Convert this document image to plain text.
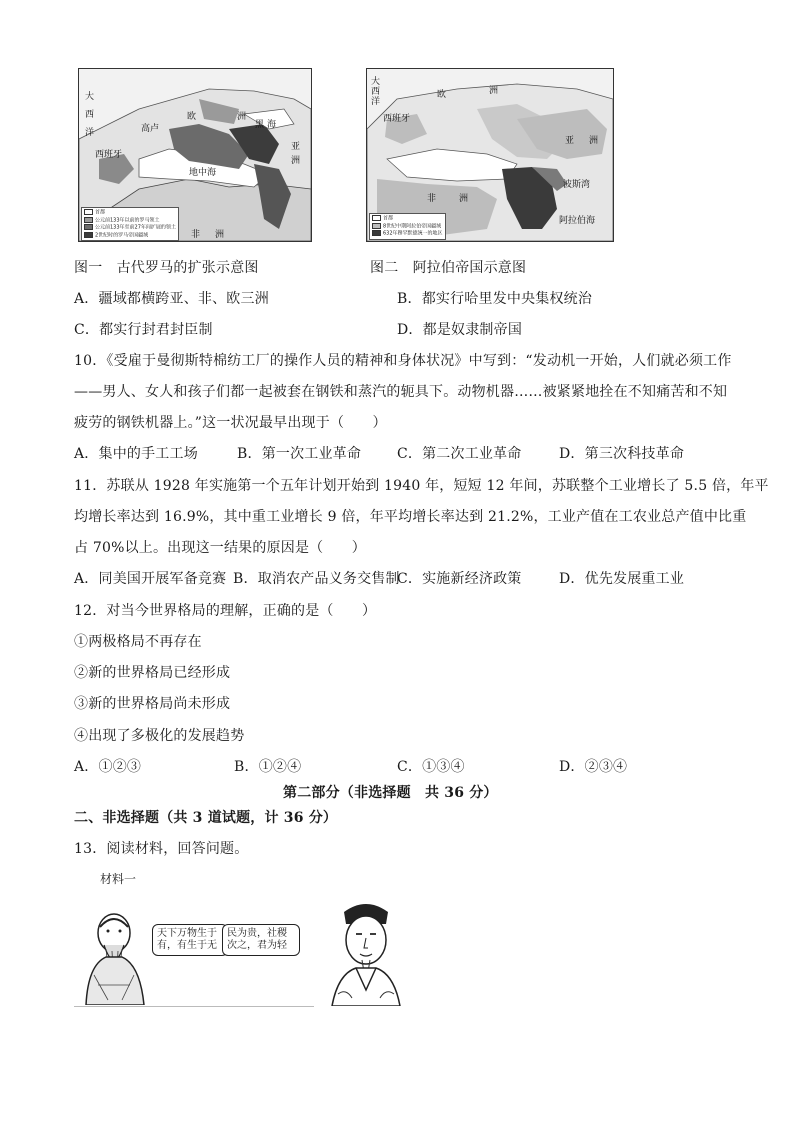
大
西
洋
欧	洲
西班牙
高卢	黑 海
非 洲
亚
洲
地中海
首都
公元前133年以前的罗马领土
公元前133年至前27年间扩展的领土
2世纪时的罗马帝国疆域
大西洋
欧	洲
西班牙
亚 洲
非	洲
阿拉伯海
波斯湾
首都
8世纪中期阿拉伯帝国疆域
632年穆罕默德统一的地区
图一　古代罗马的扩张示意图	图二　阿拉伯帝国示意图
A．疆域都横跨亚、非、欧三洲	B．都实行哈里发中央集权统治
C．都实行封君封臣制	D．都是奴隶制帝国
10．《受雇于曼彻斯特棉纺工厂的操作人员的精神和身体状况》中写到：“发动机一开始，人们就必须工作
——男人、女人和孩子们都一起被套在钢铁和蒸汽的轭具下。动物机器……被紧紧地拴在不知痛苦和不知
疲劳的钢铁机器上。”这一状况最早出现于（　　）
A．集中的手工工场	B．第一次工业革命	C．第二次工业革命	D．第三次科技革命
11．苏联从 1928 年实施第一个五年计划开始到 1940 年，短短 12 年间，苏联整个工业增长了 5.5 倍，年平
均增长率达到 16.9%，其中重工业增长 9 倍，年平均增长率达到 21.2%，工业产值在工农业总产值中比重
占 70%以上。出现这一结果的原因是（　　）
A．同美国开展军备竞赛 B．取消农产品义务交售制
C．实施新经济政策	D．优先发展重工业
12．对当今世界格局的理解，正确的是（　　）
①两极格局不再存在
②新的世界格局已经形成
③新的世界格局尚未形成
④出现了多极化的发展趋势
A．①②③	B．①②④	C．①③④	D．②③④
第二部分（非选择题　共 36 分）
二、非选择题（共 3 道试题，计 36 分）
13．阅读材料，回答问题。
材料一
天下万物生于有，有生于无
民为贵，社稷次之，君为轻
